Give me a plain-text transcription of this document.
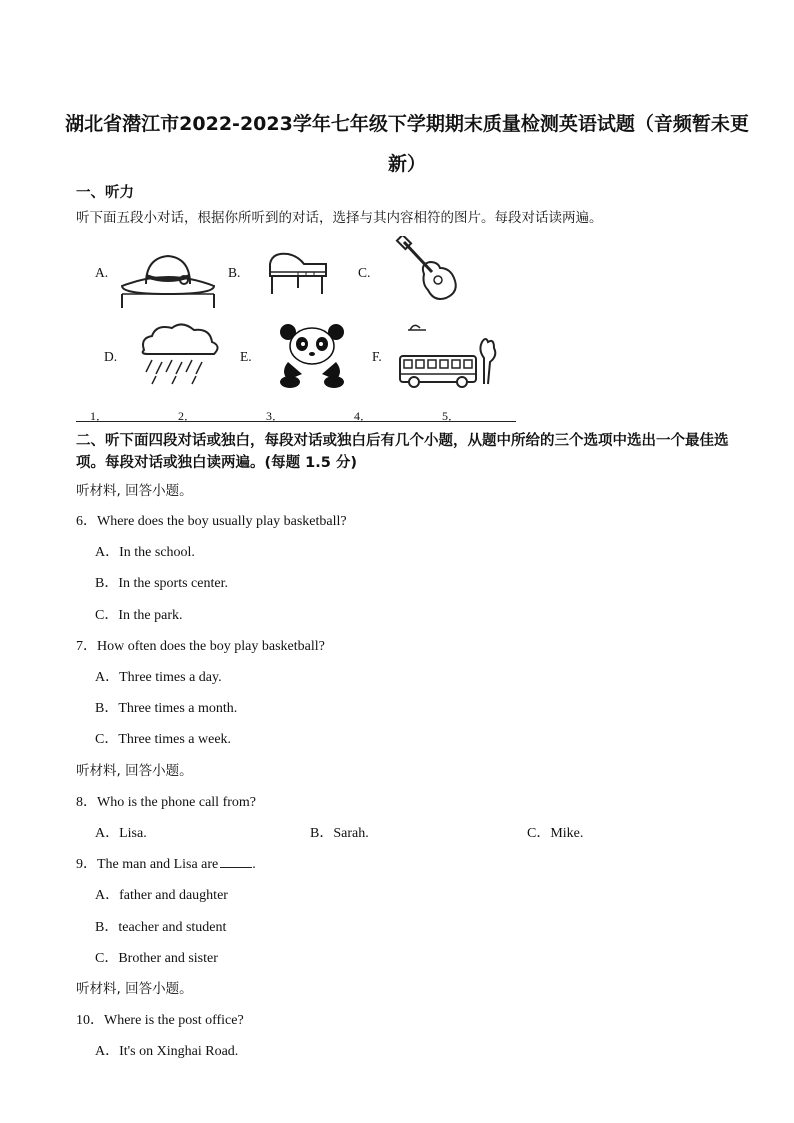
湖北省潜江市2022-2023学年七年级下学期期末质量检测英语试题（音频暂未更新）
一、听力
听下面五段小对话，根据你所听到的对话，选择与其内容相符的图片。每段对话读两遍。
A.	B.	C.
D.	E.	F.
1．	2．	3．	4．	5．
二、听下面四段对话或独白，每段对话或独白后有几个小题，从题中所给的三个选项中选出一个最佳选项。每段对话或独白读两遍。(每题 1.5 分)
听材料, 回答小题。
6．Where does the boy usually play basketball?
A．In the school.
B．In the sports center.
C．In the park.
7．How often does the boy play basketball?
A．Three times a day.
B．Three times a month.
C．Three times a week.
听材料, 回答小题。
8．Who is the phone call from?
A．Lisa.	B．Sarah.	C．Mike.
9．The man and Lisa are .
A．father and daughter
B．teacher and student
C．Brother and sister
听材料, 回答小题。
10．Where is the post office?
A．It's on Xinghai Road.
